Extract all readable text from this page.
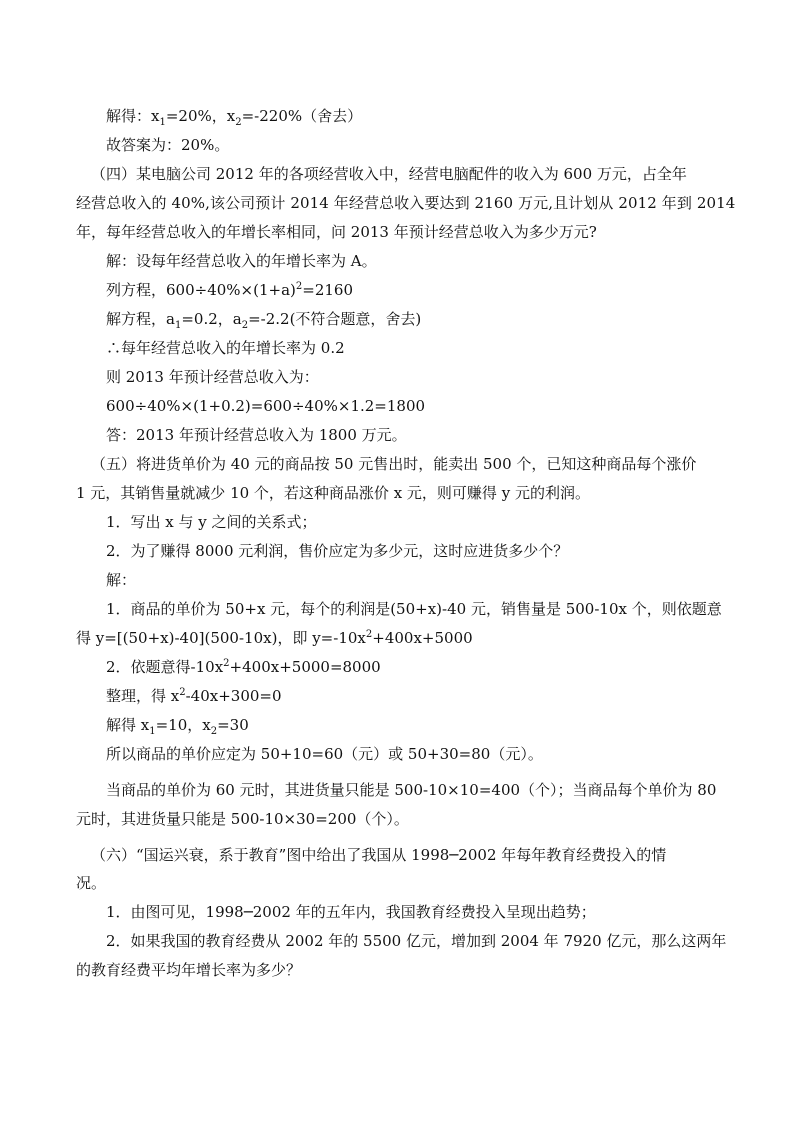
解得：$x_1=20\%$，$x_2=-220\%$（舍去）
故答案为：20%。
（四）某电脑公司 2012 年的各项经营收入中，经营电脑配件的收入为 600 万元，占全年
经营总收入的 40%,该公司预计 2014 年经营总收入要达到 2160 万元,且计划从 2012 年到 2014
年，每年经营总收入的年增长率相同，问 2013 年预计经营总收入为多少万元?
解：设每年经营总收入的年增长率为 A。
列方程，$600\div 40\%\times(1+a)^2=2160$
解方程，$a_1=0.2$，$a_2=-2.2$(不符合题意，舍去)
∴每年经营总收入的年增长率为 0.2
则 2013 年预计经营总收入为：
600÷40%×(1+0.2)=600÷40%×1.2=1800
答：2013 年预计经营总收入为 1800 万元。
（五）将进货单价为 40 元的商品按 50 元售出时，能卖出 500 个，已知这种商品每个涨价
1 元，其销售量就减少 10 个，若这种商品涨价 x 元，则可赚得 y 元的利润。
1．写出 x 与 y 之间的关系式；
2．为了赚得 8000 元利润，售价应定为多少元，这时应进货多少个？
解：
1．商品的单价为 50+x 元，每个的利润是(50+x)-40 元，销售量是 500-10x 个，则依题意
得 y=[(50+x)-40](500-10x)，即 $y=-10x^2+400x+5000$
2．依题意得$-10x^2+400x+5000=8000$
整理，得 $x^2-40x+300=0$
解得 $x_1=10$，$x_2=30$
所以商品的单价应定为 50+10=60（元）或 50+30=80（元）。
当商品的单价为 60 元时，其进货量只能是 500-10×10=400（个）；当商品每个单价为 80
元时，其进货量只能是 500-10×30=200（个）。
（六）“国运兴衰，系于教育”图中给出了我国从 1998─2002 年每年教育经费投入的情
况。
1．由图可见，1998─2002 年的五年内，我国教育经费投入呈现出趋势；
2．如果我国的教育经费从 2002 年的 5500 亿元，增加到 2004 年 7920 亿元，那么这两年
的教育经费平均年增长率为多少？
